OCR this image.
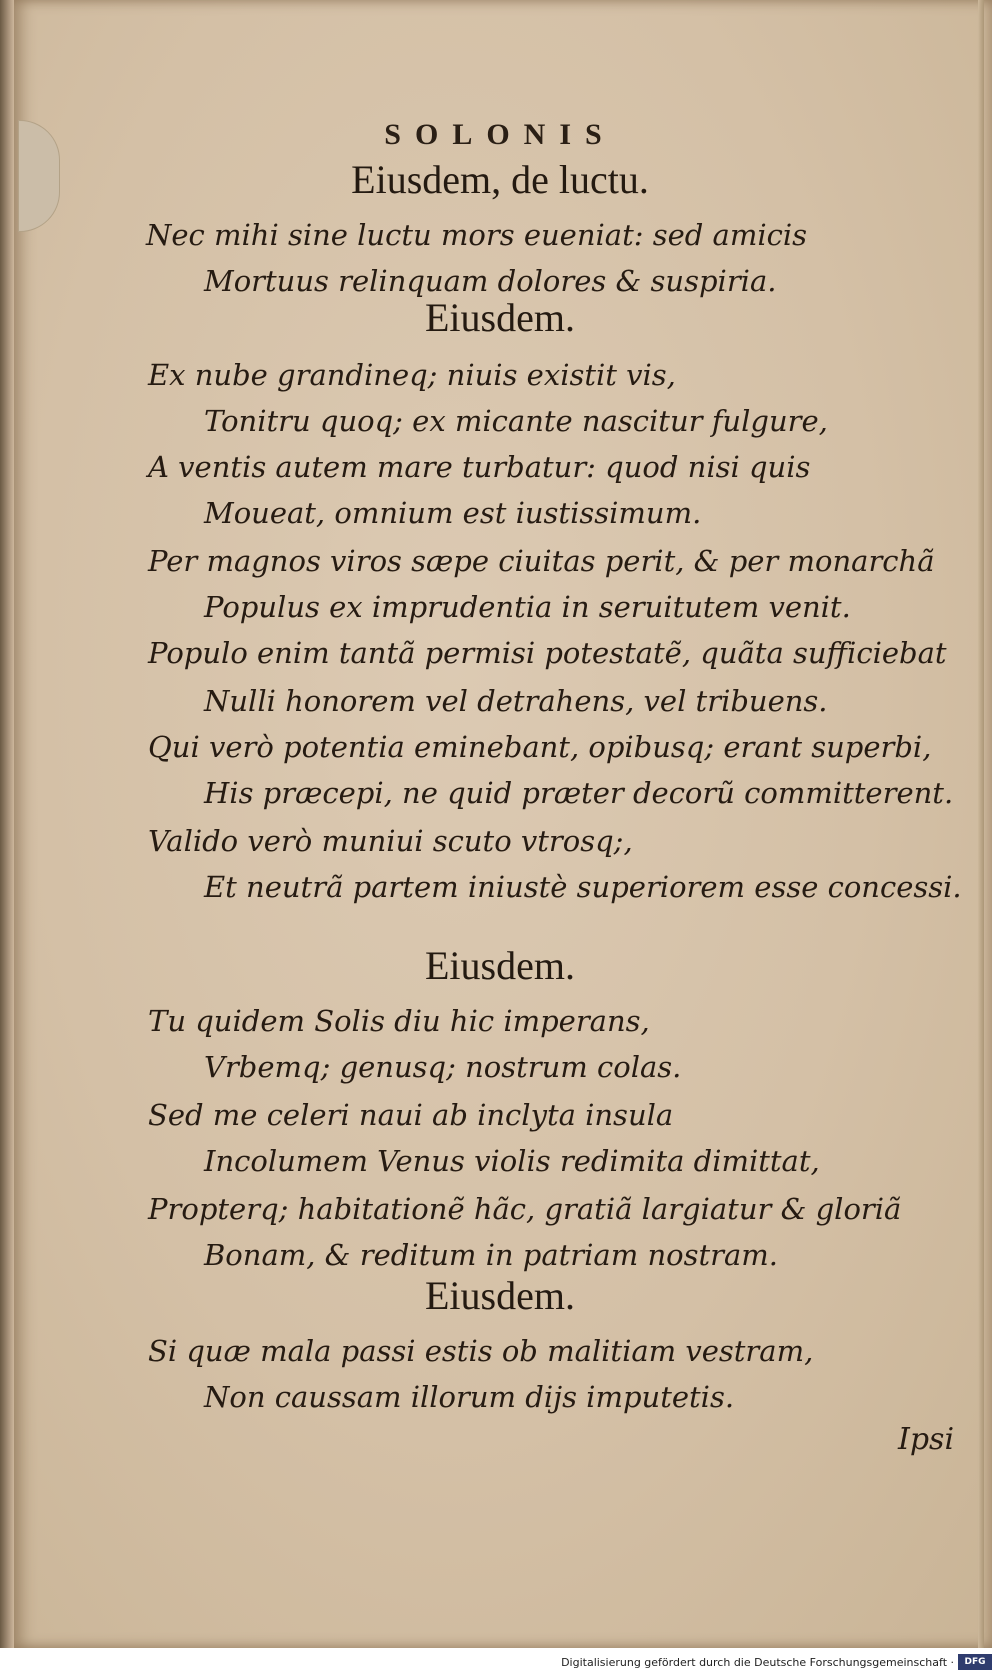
SOLONIS
Eiusdem, de luctu.
Nec mihi sine luctu mors eueniat: sed amicis
Mortuus relinquam dolores & suspiria.
Eiusdem.
Ex nube grandineq; niuis existit vis,
Tonitru quoq; ex micante nascitur fulgure,
A ventis autem mare turbatur: quod nisi quis
Moueat, omnium est iustissimum.
Per magnos viros sæpe ciuitas perit, & per monarchã
Populus ex imprudentia in seruitutem venit.
Populo enim tantã permisi potestatẽ, quãta sufficiebat
Nulli honorem vel detrahens, vel tribuens.
Qui verò potentia eminebant, opibusq; erant superbi,
His præcepi, ne quid præter decorũ committerent.
Valido verò muniui scuto vtrosq;,
Et neutrã partem iniustè superiorem esse concessi.
Eiusdem.
Tu quidem Solis diu hic imperans,
Vrbemq; genusq; nostrum colas.
Sed me celeri naui ab inclyta insula
Incolumem Venus violis redimita dimittat,
Propterq; habitationẽ hãc, gratiã largiatur & gloriã
Bonam, & reditum in patriam nostram.
Eiusdem.
Si quæ mala passi estis ob malitiam vestram,
Non caussam illorum dijs imputetis.
Ipsi
Digitalisierung gefördert durch die Deutsche Forschungsgemeinschaft ·	DFG
